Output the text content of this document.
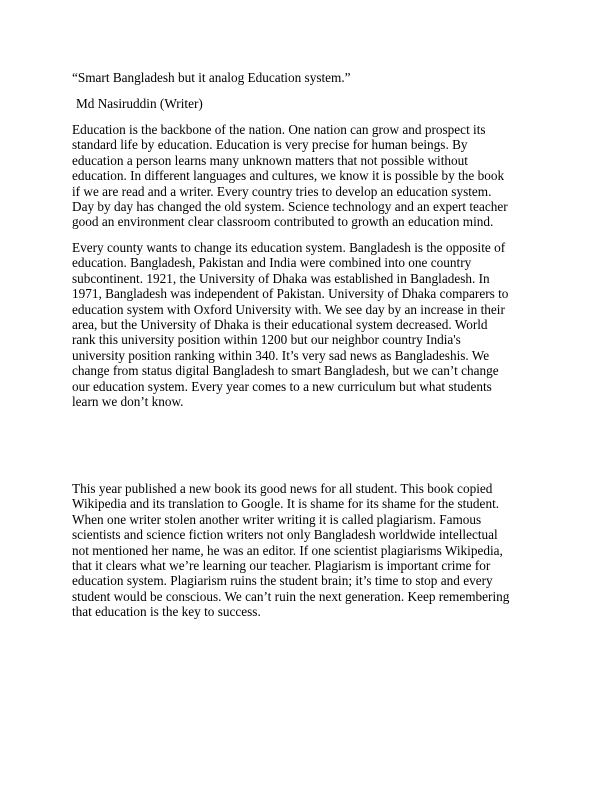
“Smart Bangladesh but it analog Education system.”
Md Nasiruddin (Writer)
Education is the backbone of the nation. One nation can grow and prospect its
standard life by education. Education is very precise for human beings. By
education a person learns many unknown matters that not possible without
education. In different languages and cultures, we know it is possible by the book
if we are read and a writer. Every country tries to develop an education system.
Day by day has changed the old system. Science technology and an expert teacher
good an environment clear classroom contributed to growth an education mind.
Every county wants to change its education system. Bangladesh is the opposite of
education. Bangladesh, Pakistan and India were combined into one country
subcontinent. 1921, the University of Dhaka was established in Bangladesh. In
1971, Bangladesh was independent of Pakistan. University of Dhaka comparers to
education system with Oxford University with. We see day by an increase in their
area, but the University of Dhaka is their educational system decreased. World
rank this university position within 1200 but our neighbor country India's
university position ranking within 340. It’s very sad news as Bangladeshis. We
change from status digital Bangladesh to smart Bangladesh, but we can’t change
our education system. Every year comes to a new curriculum but what students
learn we don’t know.
This year published a new book its good news for all student. This book copied
Wikipedia and its translation to Google. It is shame for its shame for the student.
When one writer stolen another writer writing it is called plagiarism. Famous
scientists and science fiction writers not only Bangladesh worldwide intellectual
not mentioned her name, he was an editor. If one scientist plagiarisms Wikipedia,
that it clears what we’re learning our teacher. Plagiarism is important crime for
education system. Plagiarism ruins the student brain; it’s time to stop and every
student would be conscious. We can’t ruin the next generation. Keep remembering
that education is the key to success.
